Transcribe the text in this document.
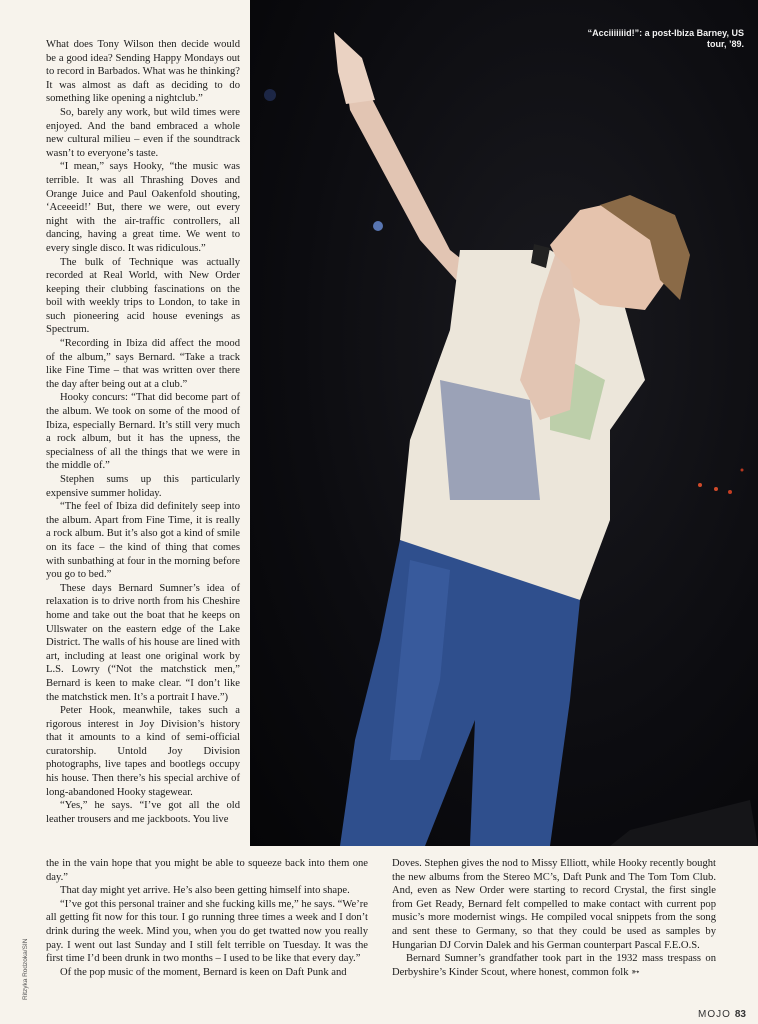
“Acciiiiiiid!”: a post-Ibiza Barney, US tour, ’89.

What does Tony Wilson then decide would be a good idea? Sending Happy Mondays out to record in Barbados. What was he thinking? It was almost as daft as deciding to do something like opening a nightclub.”

So, barely any work, but wild times were enjoyed. And the band embraced a whole new cultural milieu – even if the soundtrack wasn’t to everyone’s taste.

“I mean,” says Hooky, “the music was terrible. It was all Thrashing Doves and Orange Juice and Paul Oakenfold shouting, ‘Aceeeid!’ But, there we were, out every night with the air-traffic controllers, all dancing, having a great time. We went to every single disco. It was ridiculous.”

The bulk of Technique was actually recorded at Real World, with New Order keeping their clubbing fascinations on the boil with weekly trips to London, to take in such pioneering acid house evenings as Spectrum.

“Recording in Ibiza did affect the mood of the album,” says Bernard. “Take a track like Fine Time – that was written over there the day after being out at a club.”

Hooky concurs: “That did become part of the album. We took on some of the mood of Ibiza, especially Bernard. It’s still very much a rock album, but it has the upness, the specialness of all the things that we were in the middle of.”

Stephen sums up this particularly expensive summer holiday.

“The feel of Ibiza did definitely seep into the album. Apart from Fine Time, it is really a rock album. But it’s also got a kind of smile on its face – the kind of thing that comes with sunbathing at four in the morning before you go to bed.”

These days Bernard Sumner’s idea of relaxation is to drive north from his Cheshire home and take out the boat that he keeps on Ullswater on the eastern edge of the Lake District. The walls of his house are lined with art, including at least one original work by L.S. Lowry (“Not the matchstick men,” Bernard is keen to make clear. “I don’t like the matchstick men. It’s a portrait I have.”)

Peter Hook, meanwhile, takes such a rigorous interest in Joy Division’s history that it amounts to a kind of semi-official curatorship. Untold Joy Division photographs, live tapes and bootlegs occupy his house. Then there’s his special archive of long-abandoned Hooky stagewear.

“Yes,” he says. “I’ve got all the old leather trousers and me jackboots. You live

the in the vain hope that you might be able to squeeze back into them one day.”

That day might yet arrive. He’s also been getting himself into shape.

“I’ve got this personal trainer and she fucking kills me,” he says. “We’re all getting fit now for this tour. I go running three times a week and I don’t drink during the week. Mind you, when you do get twatted now you really pay. I went out last Sunday and I still felt terrible on Tuesday. It was the first time I’d been drunk in two months – I used to be like that every day.”

Of the pop music of the moment, Bernard is keen on Daft Punk and

Doves. Stephen gives the nod to Missy Elliott, while Hooky recently bought the new albums from the Stereo MC’s, Daft Punk and The Tom Tom Club. And, even as New Order were starting to record Crystal, the first single from Get Ready, Bernard felt compelled to make contact with current pop music’s more modernist wings. He compiled vocal snippets from the song and sent these to Germany, so that they could be used as samples by Hungarian DJ Corvin Dalek and his German counterpart Pascal F.E.O.S.

Bernard Sumner’s grandfather took part in the 1932 mass trespass on Derbyshire’s Kinder Scout, where honest, common folk ➳

Ritzyka Rodzoka/SIN
MOJO 83
